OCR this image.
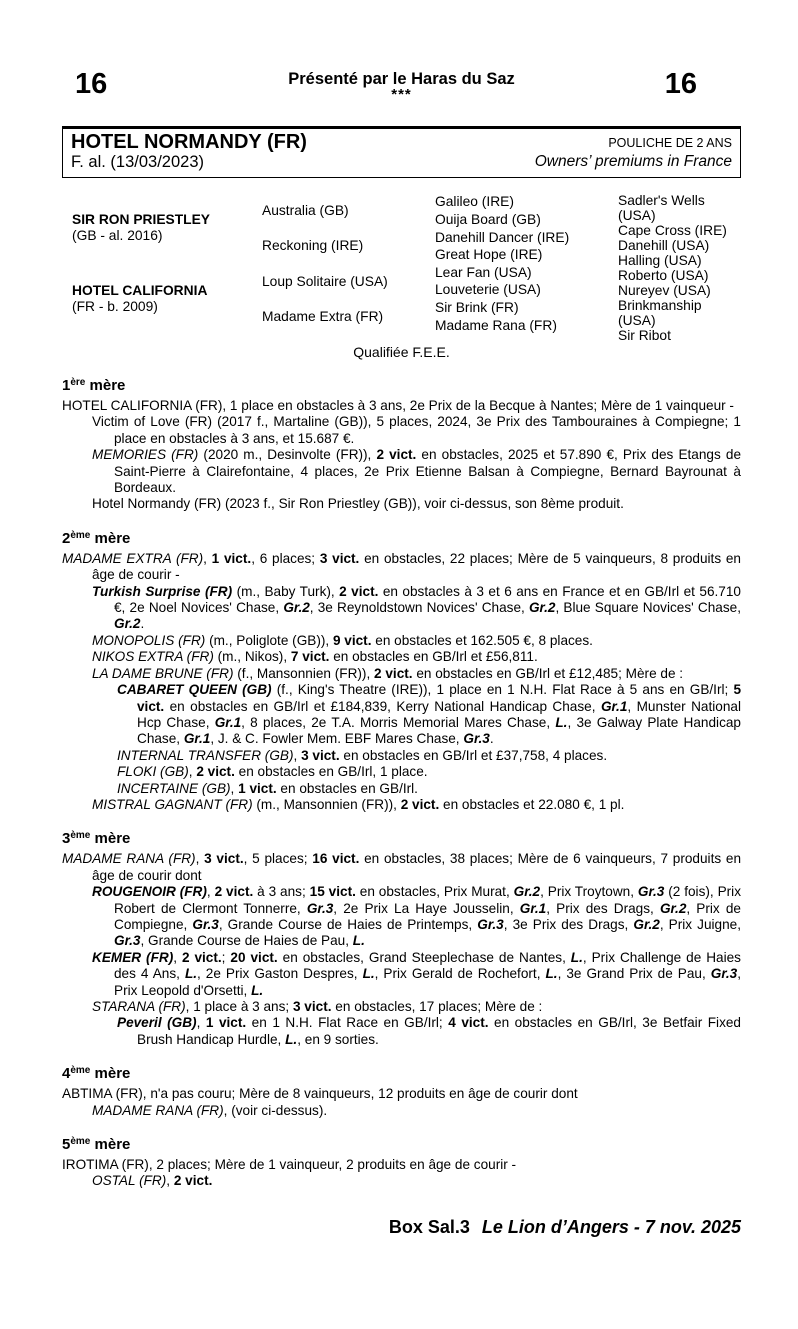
16	Présenté par le Haras du Saz
***	16
HOTEL NORMANDY (FR)
F. al. (13/03/2023)
POULICHE DE 2 ANS
Owners’ premiums in France
SIR RON PRIESTLEY
(GB - al. 2016)
HOTEL CALIFORNIA
(FR - b. 2009)
Australia (GB)
Reckoning (IRE)
Loup Solitaire (USA)
Madame Extra (FR)
Galileo (IRE)
Ouija Board (GB)
Danehill Dancer (IRE)
Great Hope (IRE)
Lear Fan (USA)
Louveterie (USA)
Sir Brink (FR)
Madame Rana (FR)
Sadler's Wells (USA)
Cape Cross (IRE)
Danehill (USA)
Halling (USA)
Roberto (USA)
Nureyev (USA)
Brinkmanship (USA)
Sir Ribot
Qualifiée F.E.E.
1ère mère
HOTEL CALIFORNIA (FR), 1 place en obstacles à 3 ans, 2e Prix de la Becque à Nantes; Mère de 1 vainqueur -
Victim of Love (FR) (2017 f., Martaline (GB)), 5 places, 2024, 3e Prix des Tambouraines à Compiegne; 1 place en obstacles à 3 ans, et 15.687 €.
MEMORIES (FR) (2020 m., Desinvolte (FR)), 2 vict. en obstacles, 2025 et 57.890 €, Prix des Etangs de Saint-Pierre à Clairefontaine, 4 places, 2e Prix Etienne Balsan à Compiegne, Bernard Bayrounat à Bordeaux.
Hotel Normandy (FR) (2023 f., Sir Ron Priestley (GB)), voir ci-dessus, son 8ème produit.
2ème mère
MADAME EXTRA (FR), 1 vict., 6 places; 3 vict. en obstacles, 22 places; Mère de 5 vainqueurs, 8 produits en âge de courir -
Turkish Surprise (FR) (m., Baby Turk), 2 vict. en obstacles à 3 et 6 ans en France et en GB/Irl et 56.710 €, 2e Noel Novices' Chase, Gr.2, 3e Reynoldstown Novices' Chase, Gr.2, Blue Square Novices' Chase, Gr.2.
MONOPOLIS (FR) (m., Poliglote (GB)), 9 vict. en obstacles et 162.505 €, 8 places.
NIKOS EXTRA (FR) (m., Nikos), 7 vict. en obstacles en GB/Irl et £56,811.
LA DAME BRUNE (FR) (f., Mansonnien (FR)), 2 vict. en obstacles en GB/Irl et £12,485; Mère de :
CABARET QUEEN (GB) (f., King's Theatre (IRE)), 1 place en 1 N.H. Flat Race à 5 ans en GB/Irl; 5 vict. en obstacles en GB/Irl et £184,839, Kerry National Handicap Chase, Gr.1, Munster National Hcp Chase, Gr.1, 8 places, 2e T.A. Morris Memorial Mares Chase, L., 3e Galway Plate Handicap Chase, Gr.1, J. & C. Fowler Mem. EBF Mares Chase, Gr.3.
INTERNAL TRANSFER (GB), 3 vict. en obstacles en GB/Irl et £37,758, 4 places.
FLOKI (GB), 2 vict. en obstacles en GB/Irl, 1 place.
INCERTAINE (GB), 1 vict. en obstacles en GB/Irl.
MISTRAL GAGNANT (FR) (m., Mansonnien (FR)), 2 vict. en obstacles et 22.080 €, 1 pl.
3ème mère
MADAME RANA (FR), 3 vict., 5 places; 16 vict. en obstacles, 38 places; Mère de 6 vainqueurs, 7 produits en âge de courir dont
ROUGENOIR (FR), 2 vict. à 3 ans; 15 vict. en obstacles, Prix Murat, Gr.2, Prix Troytown, Gr.3 (2 fois), Prix Robert de Clermont Tonnerre, Gr.3, 2e Prix La Haye Jousselin, Gr.1, Prix des Drags, Gr.2, Prix de Compiegne, Gr.3, Grande Course de Haies de Printemps, Gr.3, 3e Prix des Drags, Gr.2, Prix Juigne, Gr.3, Grande Course de Haies de Pau, L.
KEMER (FR), 2 vict.; 20 vict. en obstacles, Grand Steeplechase de Nantes, L., Prix Challenge de Haies des 4 Ans, L., 2e Prix Gaston Despres, L., Prix Gerald de Rochefort, L., 3e Grand Prix de Pau, Gr.3, Prix Leopold d'Orsetti, L.
STARANA (FR), 1 place à 3 ans; 3 vict. en obstacles, 17 places; Mère de :
Peveril (GB), 1 vict. en 1 N.H. Flat Race en GB/Irl; 4 vict. en obstacles en GB/Irl, 3e Betfair Fixed Brush Handicap Hurdle, L., en 9 sorties.
4ème mère
ABTIMA (FR), n'a pas couru; Mère de 8 vainqueurs, 12 produits en âge de courir dont
MADAME RANA (FR), (voir ci-dessus).
5ème mère
IROTIMA (FR), 2 places; Mère de 1 vainqueur, 2 produits en âge de courir -
OSTAL (FR), 2 vict.
Box Sal.3 Le Lion d’Angers - 7 nov. 2025
